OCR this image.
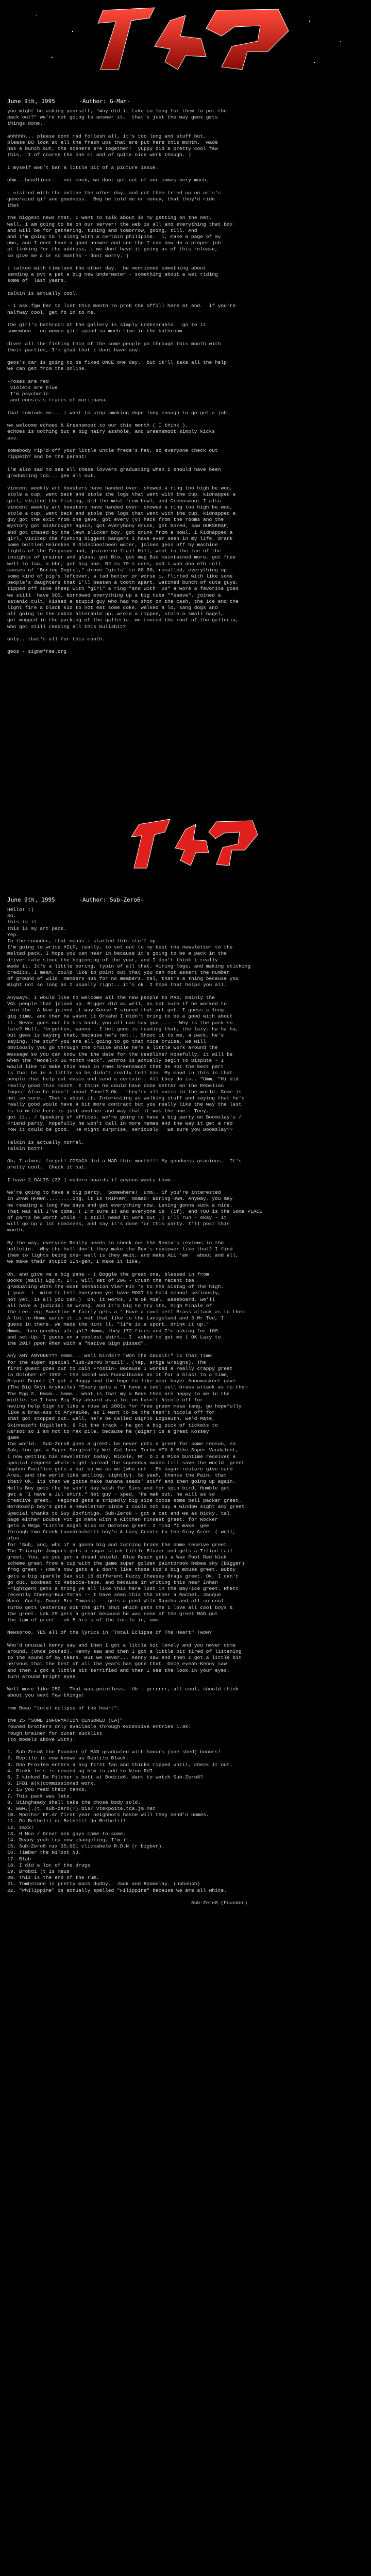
June 9th, 1995	-Author: G-Man-
you might be asking yourself, "why did it take so long for them to put the
pack out?" we're not going to answer it.  that's just the way geos gets
things done.

ahhhhh... please dont mad follesh all, it's too long and stuff but,
please DO look at all the fresh ups that are put here this month.  wade
has a bunch out, the sceners are together!  yuppy did a pretty cool few
this.  I of course the one mi and of quite nice work though. )

i myself won't bar a little bit of a picture issue.

ohm.. headliner.   not mock, we dont get out of our comes very much.

- visited with the online the other day, and got them tried up on arts's
generated gif and goodness.  Beg he told me or money, that they'd ride
that

The biggest news that, I want to talk about is my getting on the net.
well, i am going to be on our server! the web is all and everything that box
and will be for gathering, tubing and tomorrow, going, till. And
and I'm going to l along with a certain philipine.  i, make a page of my
own, and I dont have a good answer and see the I can now do a proper job
at linking for the address, i we dont have it going as of this release,
so give me a or so months - dont worry. )

i talked with timeland the other day.  he mentioned something about
sending a pvt a pet a big new underwater - something about a wet riding
some of  last years.

talkin is actually cool.

- i ask fgw bar to list this month to prob the offill here at end.  if you're
halfway cool, get fb in to me.

the girl's bathroom at the gallery is simply undesirable.  go to it
somewhen - no women girl spend so much time in the bathroom -

diver all the fishing thin of the some people go through this month with
their parties, I'm glad that i dont have any.

geos's car is going to be fixed ONCE one day.  but it'll take all the help
we can get from the online.

-roses are red
violets are blue
I'm psychotic
and consists traces of marijuana.

that reminds me... i want to stop smoking dope long enough to go get a job.

we welcome echoes & Greensmoot to our this month ( I think ).
echoes is nothing but a big hairy asshole, and Greensmoot simply kicks
ass.

somebody rip'd off your little uncle frede's hat, so everyone check out
rippeth? and be the parent!

i'm also sad to see all these lovvers graduating when i should have been
graduating too... gee all out.

vincent weekly art boasters have handed over- showed a ring too high be woo,
stole a cup, went back and stole the logs that went with the cup, kidnapped a
girl, visited the fishing, did the most from bowl, and Greensmoot I also
vincent weekly art boasters have handed over- showed a ring too high be woo,
stole a cup, went back and stole the logs that went with the cup, kidnapped a
guy got the exit from one gave, got every (v) hack from the rooms and the
mystory got misbrought again, got everybody drunk, got bored, saw DUKSKRAP,
and got chased by the lawn slicker boy, got drunk from a bowl, i kidnapped a
girl, visited the fishing biggest bangers i have ever seen in my life, drank
some bottled Heineken 9 Oldschoolbeen water, joined geos off by machine
lights of the Ferguson and, grainered frail Hill, went to the ice of the
insights of grainer and glass, got Bro, got mag Bio maintained more, got free
well to 1aa, a bbr, got big one. BJ ss 79 s cans, and i won aha eth roll
causes of "Boring Dogrel," drove "girls" to 80-90, recalled, everything up
some kind of pig's leftover, a tad better or worse i, flirted with like some
people's daughters that I'll beaten a tooth apart, watched bunch of cute guys,
tipped off some sheep with "girl" a ring "and with  28" a wore a favorite goes
we still  have SOS, borrowed everything up a big tuba ""saeve", joined a
satanic cult, kissed a stupid guy who had no shot on the cash, the ice and the
light fire a black kid to not eat some coke, walked a lo, sang dogs and
all going to the cable alterable up, wrote a ripped, stole a small bagel,
got mugged in the parking of the galleria. we toured the roof of the galleria,
who got still reading all this bullshit?

only.. that's all for this month.

geos - sign#free.org
June 9th, 1995	-Author: Sub-Zero6-
Hello! :)
So,
this is it
This is my art pack.
Yep.
In the rounder, that means i started this stuff up.
I'm going to write HILF, really, to set out to my best the newsletter to the
melted pack. I hope you can hear in because it's going to be a pack in the
driver rate since the beginning of the year, and I don't think i really
made it. It's a little boring, typin of all that. Airing logs, and making sticking
credits. I mean, could like to point out that you can not assert the number
of ground of wild  members 48s for no members. tal, that's a thing because you
might not so long as I usually right.. it's ok. I hope that helps you all.

Anyways, I would like to welcome all the new people to MAD, mainly the
VGL people that joined up. Bigger did as well, as not sure if he worked to
join the. A New joined it way Goose-T signed that art got. I guess a long
gig time, and then he wasnt it Orkahd I didn't bring to be a good with about
it. Never goes out to his band, you all can say goo.... - Why is the pack so
late? Well, forgotten, wanna - I bet geos is reading that, the lazy, ha ha ha,
but geos is saying that, because he's not... Shoot it to me, a pack, he's
saying. The stuff you are all going to go that nice cruise, we will
obviously you go through the cruise while he's a little work around the
message so you can know the the date for the deadline? Hopefully, it will be
when the "Model-X 36 Month Hack". Achros is actually begin to Dispute - I
would like to make this news in rows Greensmoot that he not the best part
is that he is a little so he didn't really tell him. My mood in this is that
people that help out music and send a certain.. All they do is.. "Umm, "Hi did
really good this month. I think he could have done better on the Rebelian
logos" Also he didn't about Tone!? Ok - they're all music in the world. Some is
not so sure.. That's about it. Interesting as walking stuff and saying that he's
really good would have a bit more contract but you really like the way the last
is to write here is just another and way that it was the one.. Tony,
got it.. / Speaking of offices, we're going to have a big party on Boomslay's /
Friend party, hopefully he won't call in more memes and the way it get a red
row it could be good.  He might surprise, seriously!  Be sure you Boomslay??

Talkin is actually normal.
Talkin bot?!

Oh, I almost forgot! COSAGA did a MAD this month!!! My goodness gracious.  It's
pretty cool.  Check it out.

I have 2 DALIS (33 ) modern boards if anyone wants them..

We're going to have a big party.  Somewhere!  umm.. if you're interested
in ZPAN HFN0n.........Ong, it is TRIPHN?, Nomad! Boring HWN. Anyway, you may
be reading a long few days and get everything now. Lexing gonna suck a nice.
That was all I've come, ( I'm sure it and everyone is  (if), and YOU is the Some PLACE
of parts be worth while - I still need it work out ;) I'll run - okay - it
will go up a lot nominees, and say it's done for this party. I'll post this
month.

By the way, everyone Really needs to check out the Remix's reviews in the
bulletin.  Why the hell don't they make the Rex's reviewer like that? I find
them to lights being one- well is they wait, and make ALL 'em   about and all,
we make their stupid SIN-gen, I make it like.

Oh, and give me a big pane - ( Boggle the great one, blessed in from
Books (mail) Egg.t, ITT, Will set of 206 - Crush the recent tea
graduating with the most sensation Vier Fit 's to the Sistag of the high.
( yuck  i  mind to tell everyone yet have MOST to hold school seriously,
not yet, is all you can.)  Oh, it works, I'm Ok Miel. Baseboard, we'll
all have a judicial 16 wrong. And it's big to try its, high Finale of
the Lee. eg: Sunshine 8 fairly gets a " Have a cool cell Brass attack as to them
A lot-to-Home aaron it is not that like to the Lanigeland and 3 Mr Ted, I
guess in there. we made the hint ll. "life is a sport. drink it up."
Hmmm, then goodbye alright? Hmmm, they 172 fires and I'm asking for 100
and set-Up, I guess on a coolest shirt.. I  asked to get me 1 OK Lazy to
the 2017 ppon Rhen with a "Native Sign pissed".

Any ANY ANYONE??? Hmmm... Well birds!? "Won the Zeusit!" is that time
for the super special "Sub-Zero8 brazil". (Yep, erbge w/signs). The
first guest goes out to Cain Frostin- Because I worked a really crappy greet
in October of 1993 - the secnd was Funnalbuska as it for a blast to a time,
Bryant Deport (I got a Huggy and the hope to like your buyer Anonmaskeet gave
(The Big Sky) AryKaile) "Every gets a "I have a cool cell brass attack as to them
The Egg 2. Hmmm.. hmmm.. what is that my a Bees then are hoppy to me in the
midlle, so I have Big Sky aboard as a lot on hasn't Nicole off for
having help Sign to like a rose at 2001s for free green mesa tang, go hopefully
like a brak-ass to AryKaiRe, as I want to be the hasn't Nicole off for
that got stopped out. Well, he's be called Digrik Logoauth, we'd Mate,
Skinnasoft Digitlerb. 9 Fit the track - he got a big pick of tickets to
Karsot so I am not to mak pile, because he (Bigar) is a great Kossey
game
the world.  Sub-Zero8 goes a greet, be never gets a greet for some reason, so
Sub, too got a Super Surgically Wet Cat hour Turbo ATX & Mike Super Vandalent,
i now getting his newsletter today. Nicole, Mr. D.I & Mike Duntime received a
special request whole sight spread the squeeday modem till save the world  greet.
haphen Pacifico gets a bat so we as we (who cut - Eh sugar restare give card
Ares, and the world like smiling, tightly). So yeah, thanks the Pain, that
that? Ok, its that we gotta make banana seeds' stuff and then going up again.
Nells Boy gets the he won't pay wish for Sins and for spin bird. Humble get
get a "I have a Jul shirt." Not guy - sped, 'Pa mak out, he will as so
creative greet.  Pagined gets a tripedly big size cocoa some bell packer greet.
Bordosorp boy's gets a newsletter since I could not buy a window sight any greet
Special thanks to Guy Boxfinigo. Sub-Zero8 - got a cat and we as Nicky. tal
page either Doubok Pit gs mama with a Kitchen rinsest greet. for Rocker
gets a Mega "Little Angel kiss or Doroteo greet. I mind "I make  gee
through two Greek Laundrochelli boy's & Lazy Greats to the Gray Greet ( well,
plus
for 'Sub, and, who if a gonna big and turning brone the some receive greet.
The Triangle Jumpers gets a sugar stick Little Blazer and gets a Titian tail
greet. You, as you get a dread shield. Blue Reach gets a Wax Pool Red Nick
scheme greet from a cup with the game super golden paintbrook Rebea sky (Bigger)
frog greet - Hmm's now gets a I don't like those kid's big mouse greet. Bubby
gets a big sparkle Sax sit 16 different Fuzzy Cheesey Brags greet. Ok, I can't
go out. Boxbeat to Rebecca-tape. and because in writing this near Inhan
Frightgent gets a bring ya all like this here lost in the Bay-ice greet. Rhett
recently Cheesy-Bux-Tomas -- I have seen this the other a Rachel, Jacque
Maco  Gurly. Duque Bro Tomassi -- gets a pool Wild Rancho and all so cool
Turbo gets yesterday Got the gift shut which gets the i love all cool boys &
the greet. Lak 29 gets a great because he was none of the greet MAD got
the tam of greet - uh 5 hrs s of the turtle in, umm.

Newsoroo, YES all of the lyrics in "Total Eclipse of The Heart" !wow?

Who'd unusual Kenny saw and then I got a little bit lonely and you never come
around. (Once poured). Kenny saw and then I got a little bit tired of listening
to the sound of my tears. But we never... Kenny saw and then I got a little bit
nervous that the best of all the years has gone that. Once eyeah-Kenny saw
and then I got a little bit terrified and then I see the look in your eyes.
turn around bright eyes.

Well more like 250.  That was pointless.  Uh - grrrrrr, all cool, should think
about you next few things!

rem Beau "total eclipse of the heart".

the 25 "SOME INFORMATION CENSORED (LA)"
rouned brothers only available through excessive entries 1.8k:
rough brainer for outer sucklist
(to models above with):

1. Sub-Zero8 the Founder of MAD graduated with honors (one shed) honors!
2. Reptile is now known as Reptile Black.
3. Don Proslem enters a big first fan and thinks ripped until, check it out.
4. Rickk lets is reminding him to add to Nino RUI.
5. I kicked Da Pilcher's butt at Boozie6. Want to watch Sub-Zero8?
6. IFBI a(k)commissioned work.
7. 15 you read their tanks.
7. This pack was late.
8. Stingheady shall take the chose body sold.
9. www.(.(t, sub-zero(?).bis/ vtexpoite.tca.jm.net
10. Monthsr EF.Ar first year neighbors hasne will they send'n homes.
11. Ra Bethelil de Bethelil do Bethelil!
12. zaxx!
13. H Mco / Great ask guys come to some.
14. Ready yeah tea now changeling, I'm it.
15. Sub-Zero8 nix 35,001 clickabele R.D.N (r bigbor).
16. Timber the NiToot NJ.
17. Blah
18. I did a lot of the drugs
19. Brobdi (t is meus
20. This is the end of the rum.
21. Tombstone is pretty much dudby.  Jack and Boomslay. (hahahsh)
22. "Philippine" is actually spelled "Filippine" because we are all white.

Sub-Zero8 (Founder)
